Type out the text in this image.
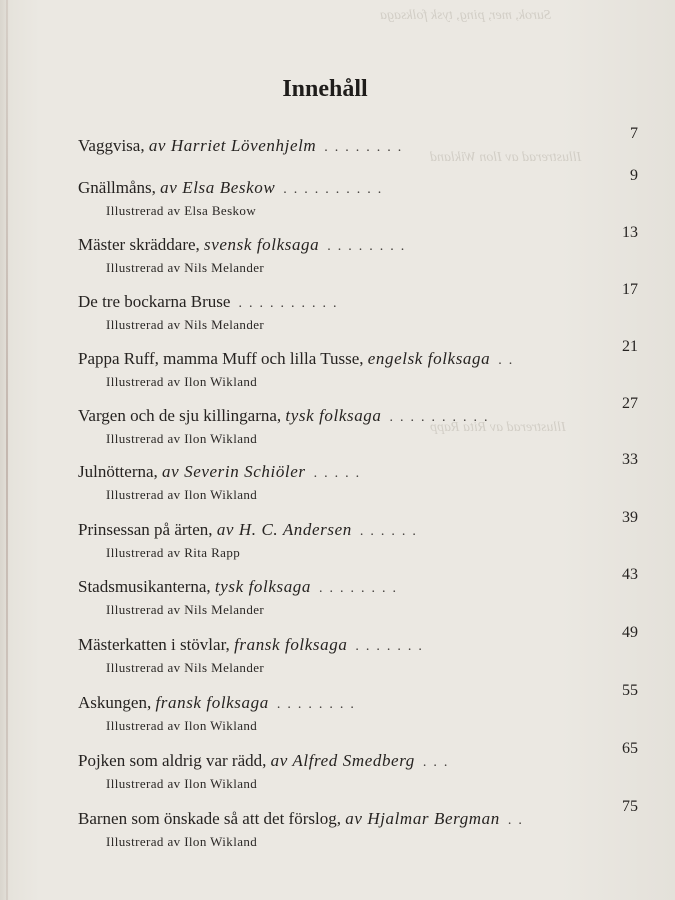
Surok, mer, ping, tysk folksaga
Illustrerad av Ilon Wikland
Illustrerad av Rita Rapp
Innehåll
Vaggvisa, av Harriet Lövenhjelm ........
7
Gnällmåns, av Elsa Beskow ..........
9
Illustrerad av Elsa Beskow
Mäster skräddare, svensk folksaga ........
13
Illustrerad av Nils Melander
De tre bockarna Bruse ..........
17
Illustrerad av Nils Melander
Pappa Ruff, mamma Muff och lilla Tusse, engelsk folksaga ..
21
Illustrerad av Ilon Wikland
Vargen och de sju killingarna, tysk folksaga ..........
27
Illustrerad av Ilon Wikland
Julnötterna, av Severin Schiöler .....
33
Illustrerad av Ilon Wikland
Prinsessan på ärten, av H. C. Andersen ......
39
Illustrerad av Rita Rapp
Stadsmusikanterna, tysk folksaga ........
43
Illustrerad av Nils Melander
Mästerkatten i stövlar, fransk folksaga .......
49
Illustrerad av Nils Melander
Askungen, fransk folksaga ........
55
Illustrerad av Ilon Wikland
Pojken som aldrig var rädd, av Alfred Smedberg ...
65
Illustrerad av Ilon Wikland
Barnen som önskade så att det förslog, av Hjalmar Bergman ..
75
Illustrerad av Ilon Wikland
